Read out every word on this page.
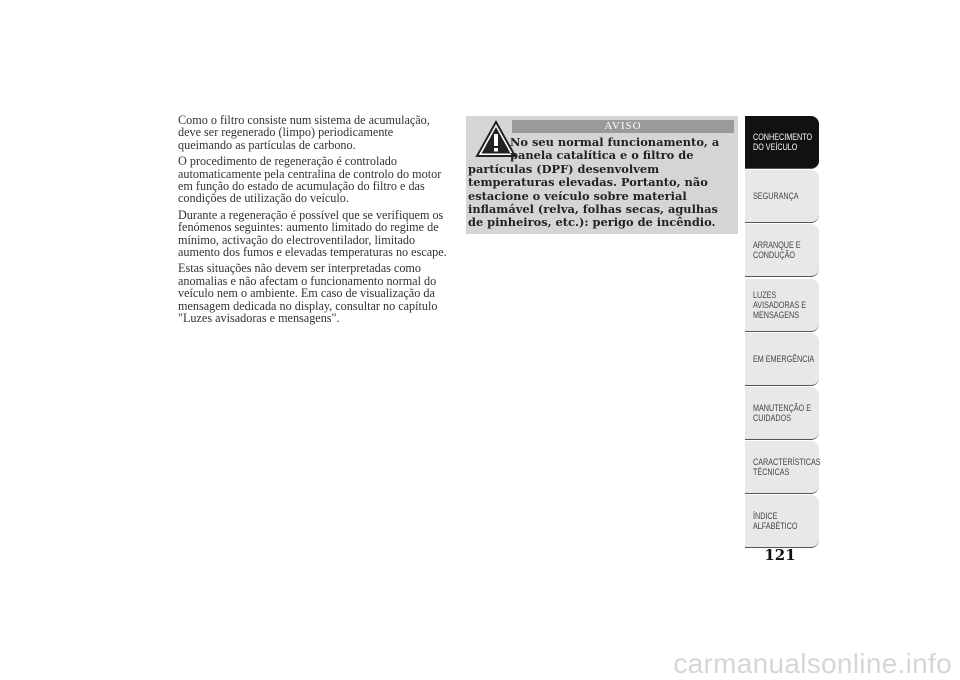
Como o filtro consiste num sistema de acumulação, deve ser regenerado (limpo) periodicamente queimando as partículas de carbono.

O procedimento de regeneração é controlado automaticamente pela centralina de controlo do motor em função do estado de acumulação do filtro e das condições de utilização do veículo.

Durante a regeneração é possível que se verifiquem os fenómenos seguintes: aumento limitado do regime de mínimo, activação do electroventilador, limitado aumento dos fumos e elevadas temperaturas no escape.

Estas situações não devem ser interpretadas como anomalias e não afectam o funcionamento normal do veículo nem o ambiente. Em caso de visualização da mensagem dedicada no display, consultar no capítulo "Luzes avisadoras e mensagens".

AVISO
No seu normal funcionamento, a panela catalítica e o filtro de
partículas (DPF) desenvolvem temperaturas elevadas. Portanto, não estacione o veículo sobre material inflamável (relva, folhas secas, agulhas de pinheiros, etc.): perigo de incêndio.
CONHECIMENTO DO VEÍCULO
SEGURANÇA
ARRANQUE E CONDUÇÃO
LUZES AVISADORAS E MENSAGENS
EM EMERGÊNCIA
MANUTENÇÃO E CUIDADOS
CARACTERÍSTICAS TÉCNICAS
ÍNDICE ALFABÉTICO
121
carmanualsonline.info
